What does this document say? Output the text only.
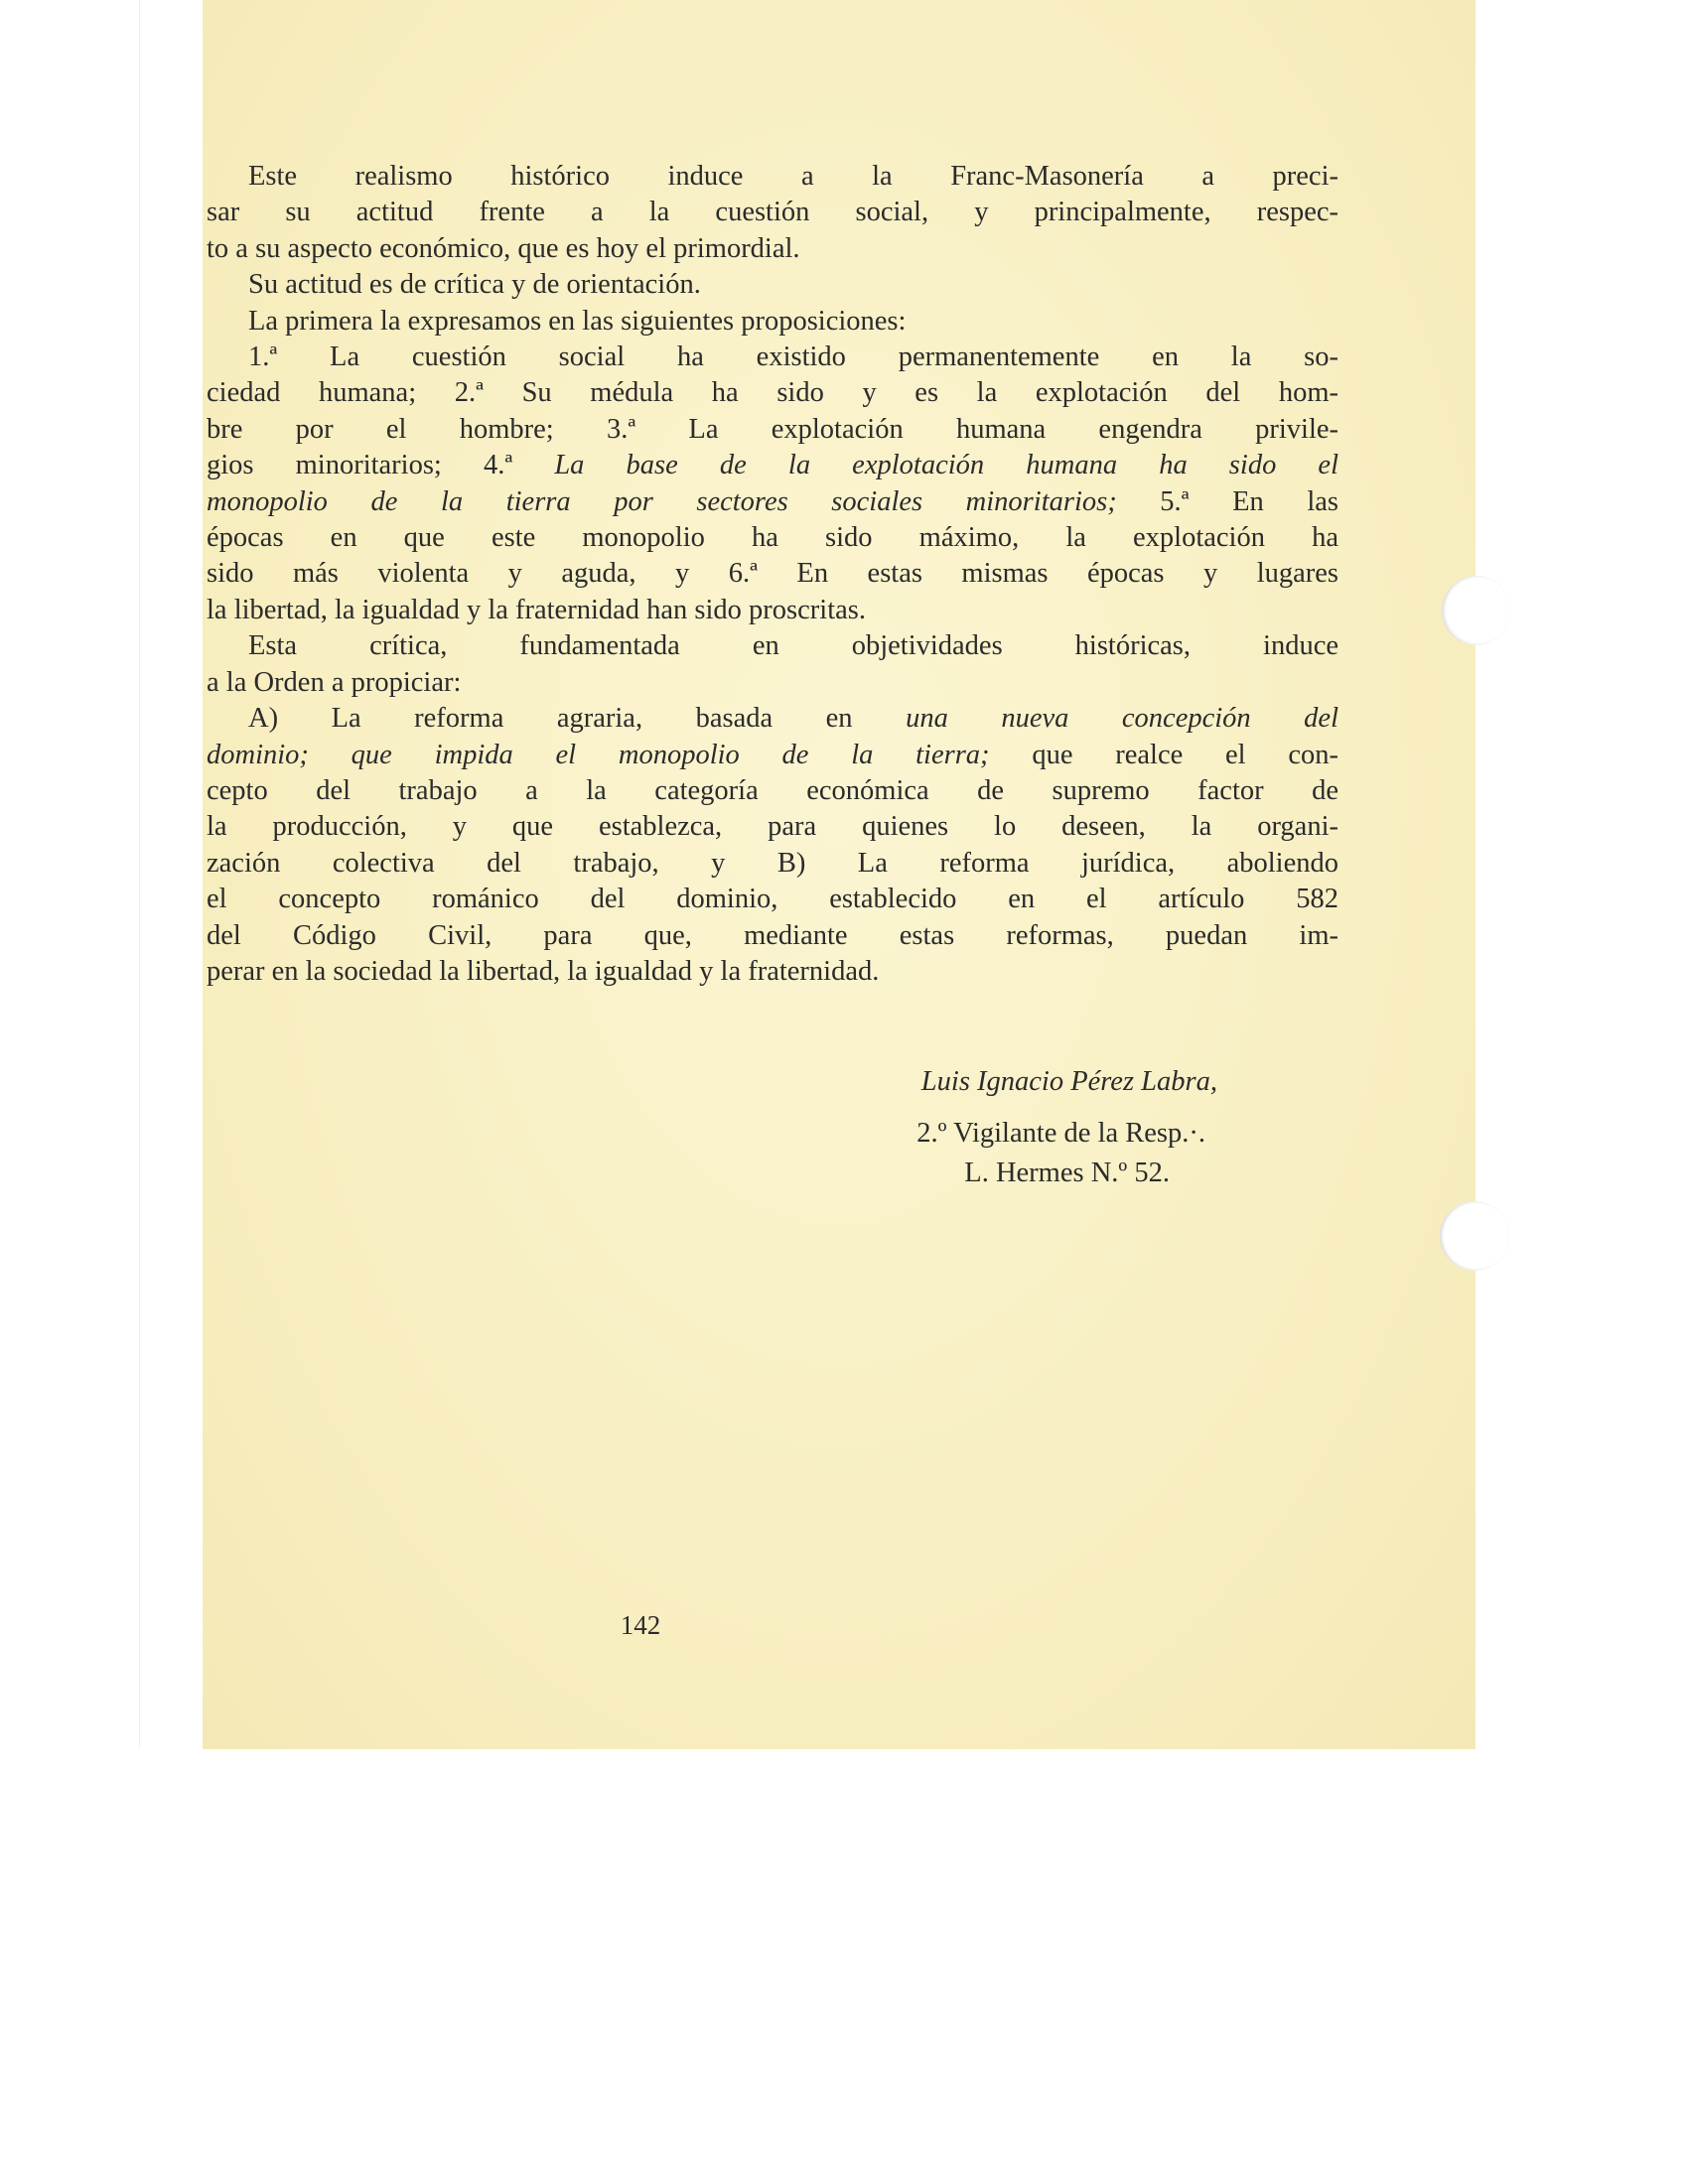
Este realismo histórico induce a la Franc-Masonería a preci-
sar su actitud frente a la cuestión social, y principalmente, respec-
to a su aspecto económico, que es hoy el primordial.

Su actitud es de crítica y de orientación.

La primera la expresamos en las siguientes proposiciones:

1.ª La cuestión social ha existido permanentemente en la so-
ciedad humana; 2.ª Su médula ha sido y es la explotación del hom-
bre por el hombre; 3.ª La explotación humana engendra privile-
gios minoritarios; 4.ª La base de la explotación humana ha sido el
monopolio de la tierra por sectores sociales minoritarios; 5.ª En las
épocas en que este monopolio ha sido máximo, la explotación ha
sido más violenta y aguda, y 6.ª En estas mismas épocas y lugares
la libertad, la igualdad y la fraternidad han sido proscritas.

Esta crítica, fundamentada en objetividades históricas, induce
a la Orden a propiciar:

A) La reforma agraria, basada en una nueva concepción del
dominio; que impida el monopolio de la tierra; que realce el con-
cepto del trabajo a la categoría económica de supremo factor de
la producción, y que establezca, para quienes lo deseen, la organi-
zación colectiva del trabajo, y B) La reforma jurídica, aboliendo
el concepto románico del dominio, establecido en el artículo 582
del Código Civil, para que, mediante estas reformas, puedan im-
perar en la sociedad la libertad, la igualdad y la fraternidad.

Luis Ignacio Pérez Labra,
2.º Vigilante de la Resp.·.
L. Hermes N.º 52.
142
